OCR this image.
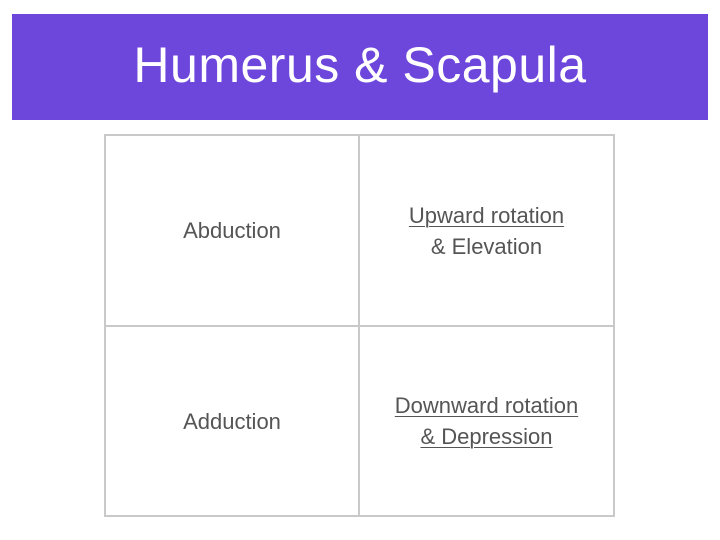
Humerus & Scapula
Abduction
Upward rotation
& Elevation
Adduction
Downward rotation
& Depression
